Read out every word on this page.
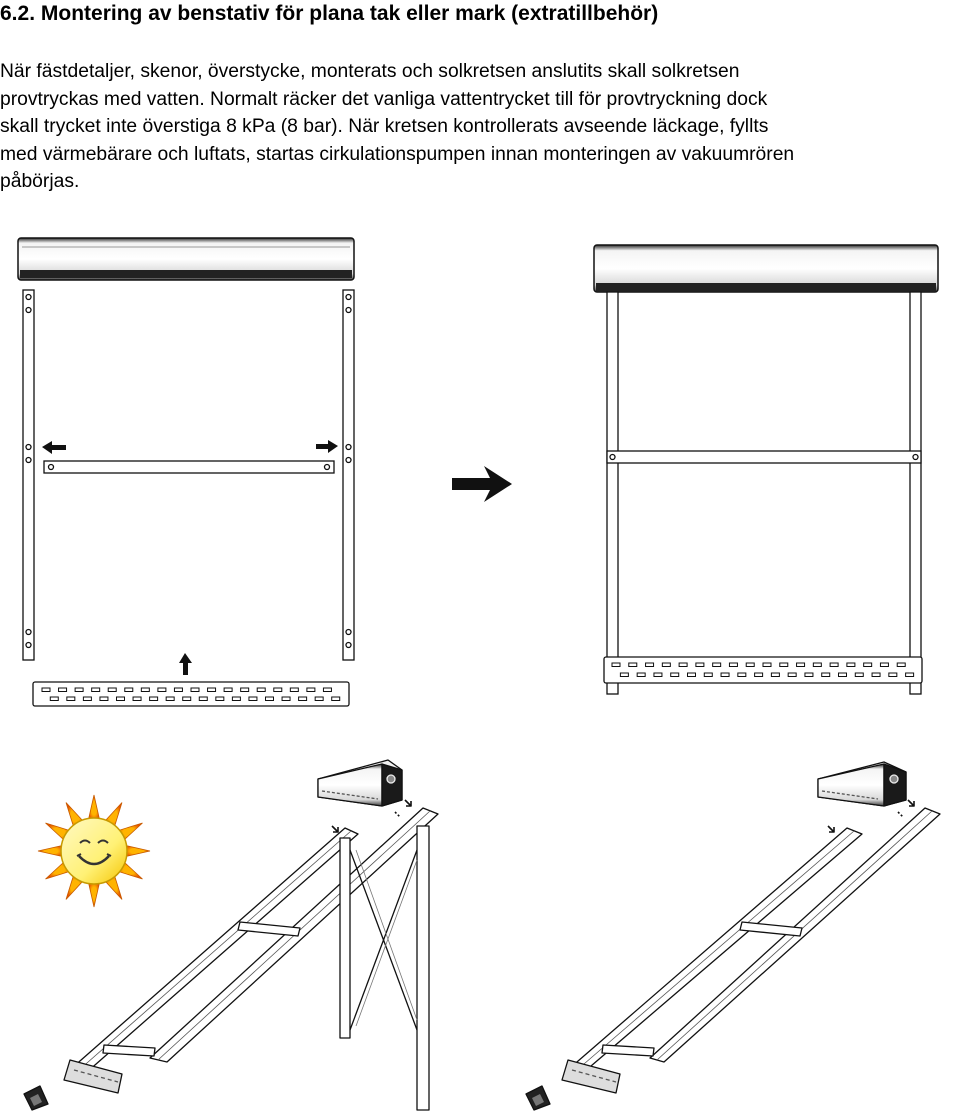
6.2. Montering av benstativ för plana tak eller mark (extratillbehör)

När fästdetaljer, skenor, överstycke, monterats och solkretsen anslutits skall solkretsen
provtryckas med vatten. Normalt räcker det vanliga vattentrycket till för provtryckning dock
skall trycket inte överstiga 8 kPa (8 bar). När kretsen kontrollerats avseende läckage, fyllts
med värmebärare och luftats, startas cirkulationspumpen innan monteringen av vakuumrören
påbörjas.
